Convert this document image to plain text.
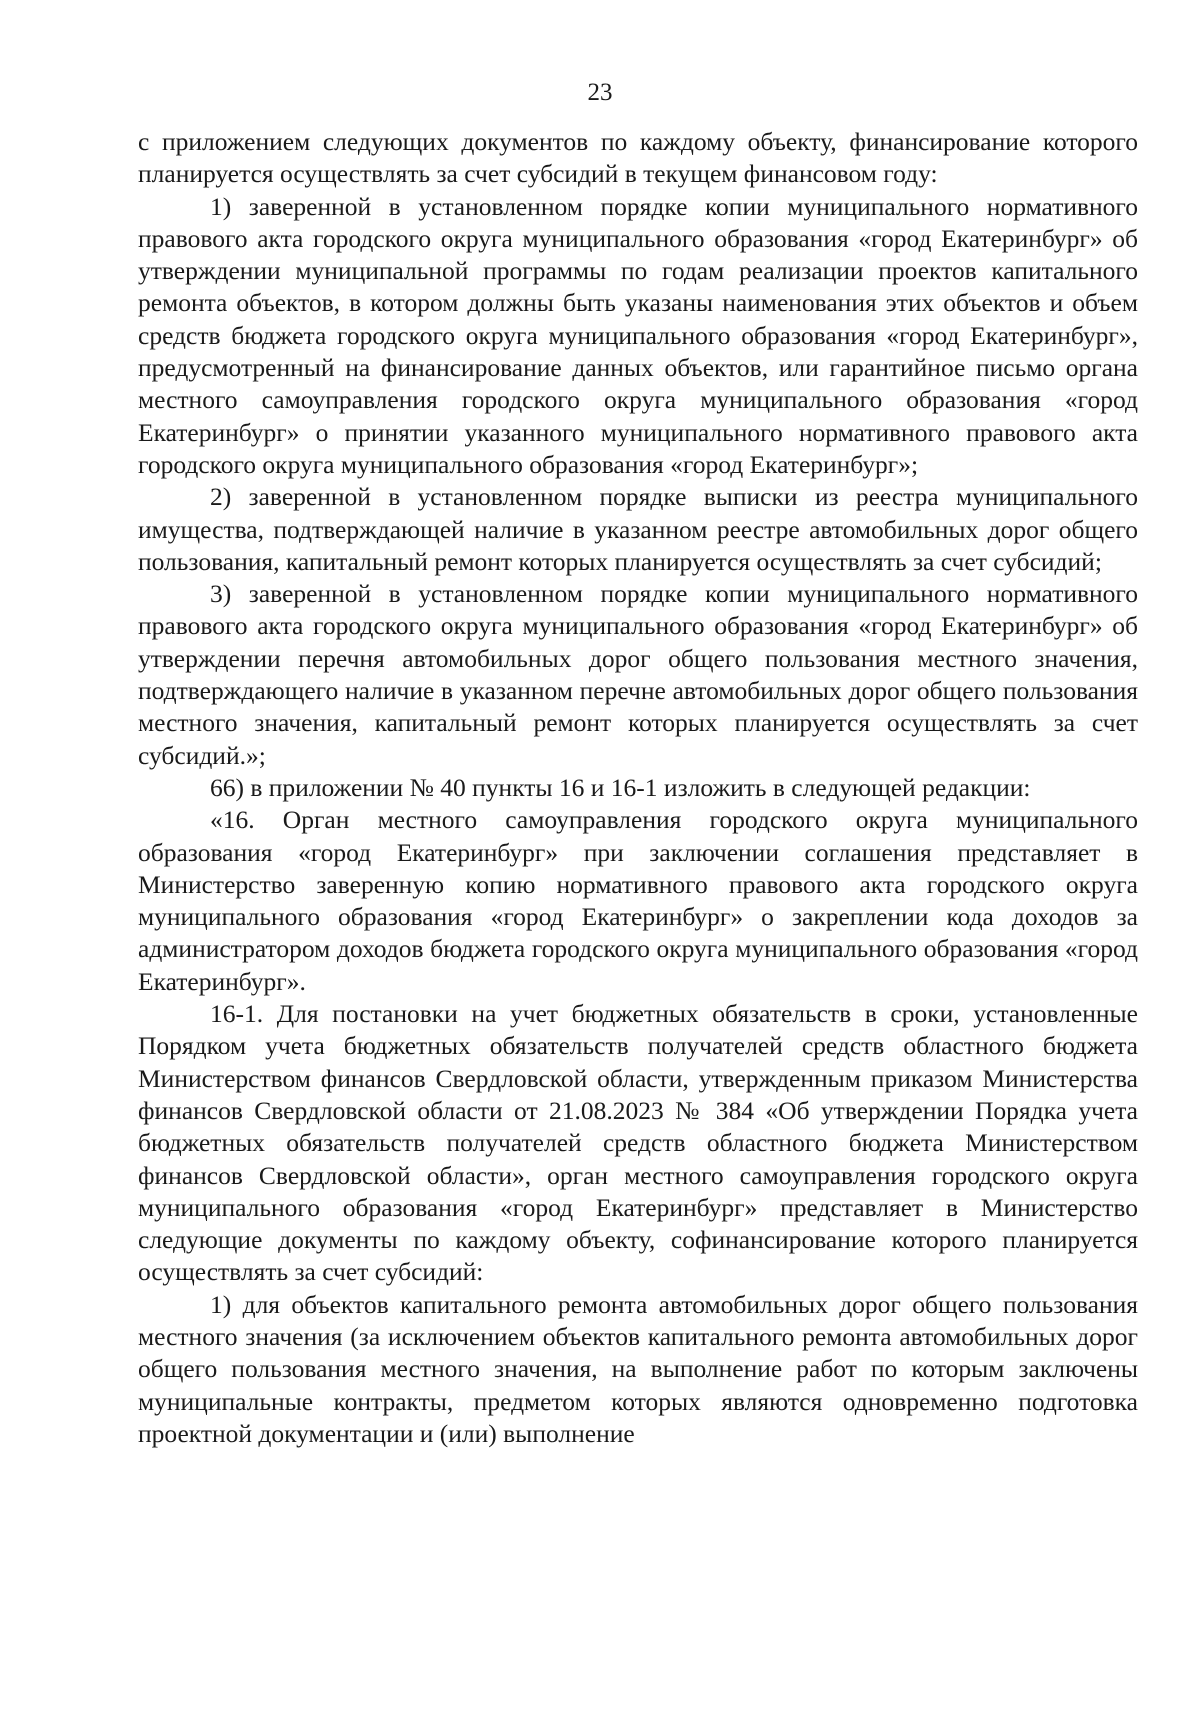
23

с приложением следующих документов по каждому объекту, финансирование которого планируется осуществлять за счет субсидий в текущем финансовом году:

1) заверенной в установленном порядке копии муниципального нормативного правового акта городского округа муниципального образования «город Екатеринбург» об утверждении муниципальной программы по годам реализации проектов капитального ремонта объектов, в котором должны быть указаны наименования этих объектов и объем средств бюджета городского округа муниципального образования «город Екатеринбург», предусмотренный на финансирование данных объектов, или гарантийное письмо органа местного самоуправления городского округа муниципального образования «город Екатеринбург» о принятии указанного муниципального нормативного правового акта городского округа муниципального образования «город Екатеринбург»;

2) заверенной в установленном порядке выписки из реестра муниципального имущества, подтверждающей наличие в указанном реестре автомобильных дорог общего пользования, капитальный ремонт которых планируется осуществлять за счет субсидий;

3) заверенной в установленном порядке копии муниципального нормативного правового акта городского округа муниципального образования «город Екатеринбург» об утверждении перечня автомобильных дорог общего пользования местного значения, подтверждающего наличие в указанном перечне автомобильных дорог общего пользования местного значения, капитальный ремонт которых планируется осуществлять за счет субсидий.»;

66) в приложении № 40 пункты 16 и 16-1 изложить в следующей редакции:

«16. Орган местного самоуправления городского округа муниципального образования «город Екатеринбург» при заключении соглашения представляет в Министерство заверенную копию нормативного правового акта городского округа муниципального образования «город Екатеринбург» о закреплении кода доходов за администратором доходов бюджета городского округа муниципального образования «город Екатеринбург».

16-1. Для постановки на учет бюджетных обязательств в сроки, установленные Порядком учета бюджетных обязательств получателей средств областного бюджета Министерством финансов Свердловской области, утвержденным приказом Министерства финансов Свердловской области от 21.08.2023 № 384 «Об утверждении Порядка учета бюджетных обязательств получателей средств областного бюджета Министерством финансов Свердловской области», орган местного самоуправления городского округа муниципального образования «город Екатеринбург» представляет в Министерство следующие документы по каждому объекту, софинансирование которого планируется осуществлять за счет субсидий:

1) для объектов капитального ремонта автомобильных дорог общего пользования местного значения (за исключением объектов капитального ремонта автомобильных дорог общего пользования местного значения, на выполнение работ по которым заключены муниципальные контракты, предметом которых являются одновременно подготовка проектной документации и (или) выполнение
